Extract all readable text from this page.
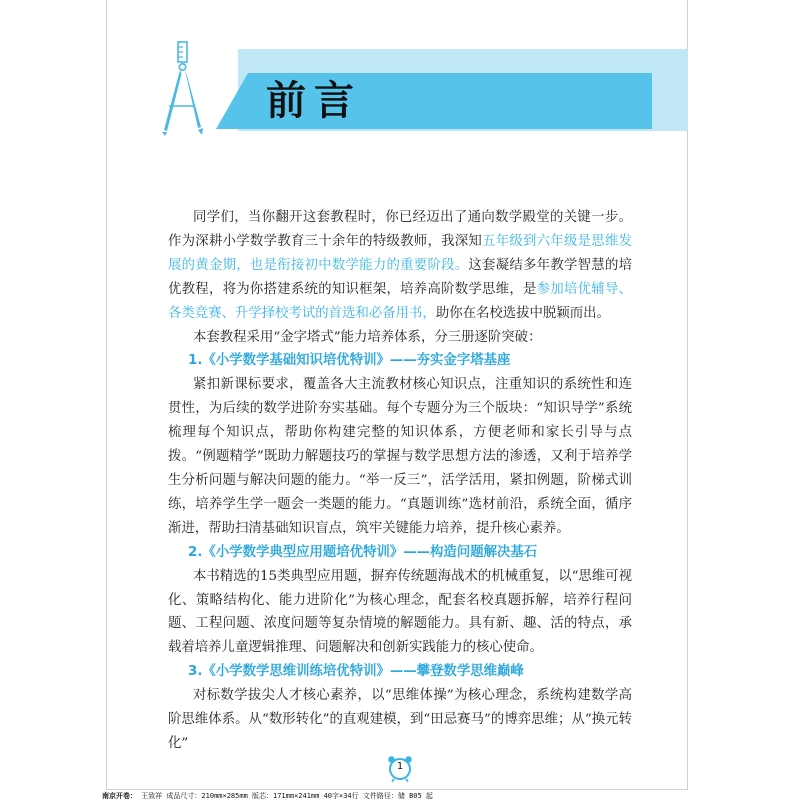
前言

同学们，当你翻开这套教程时，你已经迈出了通向数学殿堂的关键一步。作为深耕小学数学教育三十余年的特级教师，我深知五年级到六年级是思维发展的黄金期，也是衔接初中数学能力的重要阶段。这套凝结多年教学智慧的培优教程，将为你搭建系统的知识框架，培养高阶数学思维，是参加培优辅导、各类竞赛、升学择校考试的首选和必备用书，助你在名校选拔中脱颖而出。

本套教程采用“金字塔式”能力培养体系，分三册逐阶突破：

1.《小学数学基础知识培优特训》——夯实金字塔基座

紧扣新课标要求，覆盖各大主流教材核心知识点，注重知识的系统性和连贯性，为后续的数学进阶夯实基础。每个专题分为三个版块：“知识导学”系统梳理每个知识点，帮助你构建完整的知识体系，方便老师和家长引导与点拨。“例题精学”既助力解题技巧的掌握与数学思想方法的渗透，又利于培养学生分析问题与解决问题的能力。“举一反三”，活学活用，紧扣例题，阶梯式训练，培养学生学一题会一类题的能力。“真题训练”选材前沿，系统全面，循序渐进，帮助扫清基础知识盲点，筑牢关键能力培养，提升核心素养。

2.《小学数学典型应用题培优特训》——构造问题解决基石

本书精选的15类典型应用题，摒弃传统题海战术的机械重复，以“思维可视化、策略结构化、能力进阶化”为核心理念，配套名校真题拆解，培养行程问题、工程问题、浓度问题等复杂情境的解题能力。具有新、趣、活的特点，承载着培养儿童逻辑推理、问题解决和创新实践能力的核心使命。

3.《小学数学思维训练培优特训》——攀登数学思维巅峰

对标数学拔尖人才核心素养，以“思维体操”为核心理念，系统构建数学高阶思维体系。从“数形转化”的直观建模，到“田忌赛马”的博弈思维；从“换元转化”

1
南京开卷： 王致祥 成品尺寸：210mm×285mm 版芯：171mm×241mm 40字×34行 文件路径：储 B05 起
